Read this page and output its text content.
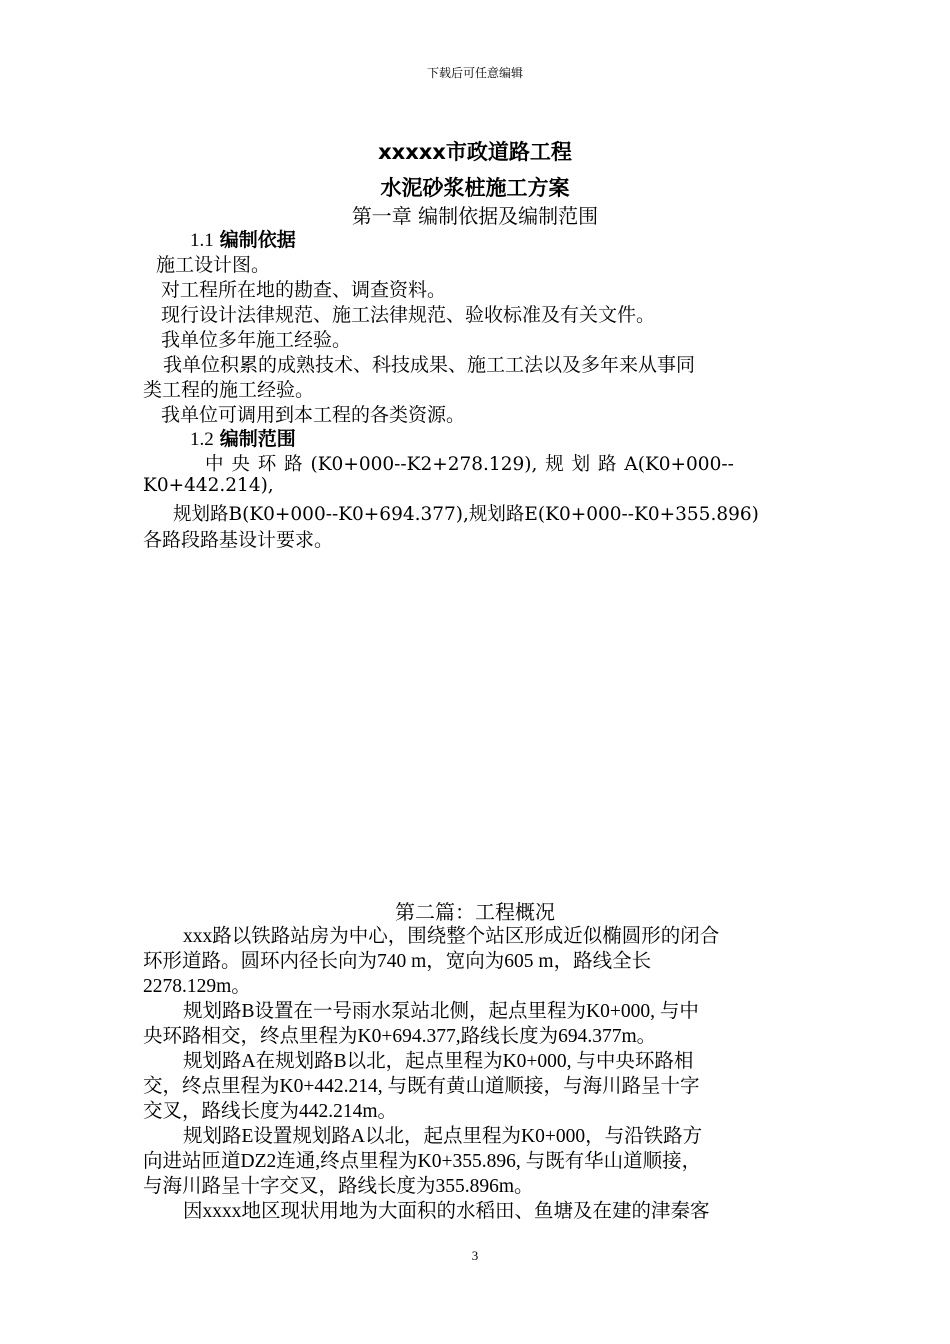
下载后可任意编辑
xxxxx市政道路工程
水泥砂浆桩施工方案
第一章 编制依据及编制范围
1.1 编制依据
施工设计图。
对工程所在地的勘查、调查资料。
现行设计法律规范、施工法律规范、验收标准及有关文件。
我单位多年施工经验。
我单位积累的成熟技术、科技成果、施工工法以及多年来从事同
类工程的施工经验。
我单位可调用到本工程的各类资源。
1.2 编制范围
中 央 环 路 (K0+000--K2+278.129), 规 划 路 A(K0+000--
K0+442.214),
规划路B(K0+000--K0+694.377),规划路E(K0+000--K0+355.896)
各路段路基设计要求。
第二篇：工程概况
xxx路以铁路站房为中心，围绕整个站区形成近似椭圆形的闭合
环形道路。圆环内径长向为740 m，宽向为605 m，路线全长
2278.129m。
规划路B设置在一号雨水泵站北侧，起点里程为K0+000, 与中
央环路相交，终点里程为K0+694.377,路线长度为694.377m。
规划路A在规划路B以北，起点里程为K0+000, 与中央环路相
交，终点里程为K0+442.214, 与既有黄山道顺接，与海川路呈十字
交叉，路线长度为442.214m。
规划路E设置规划路A以北，起点里程为K0+000，与沿铁路方
向进站匝道DZ2连通,终点里程为K0+355.896, 与既有华山道顺接，
与海川路呈十字交叉，路线长度为355.896m。
因xxxx地区现状用地为大面积的水稻田、鱼塘及在建的津秦客
3
